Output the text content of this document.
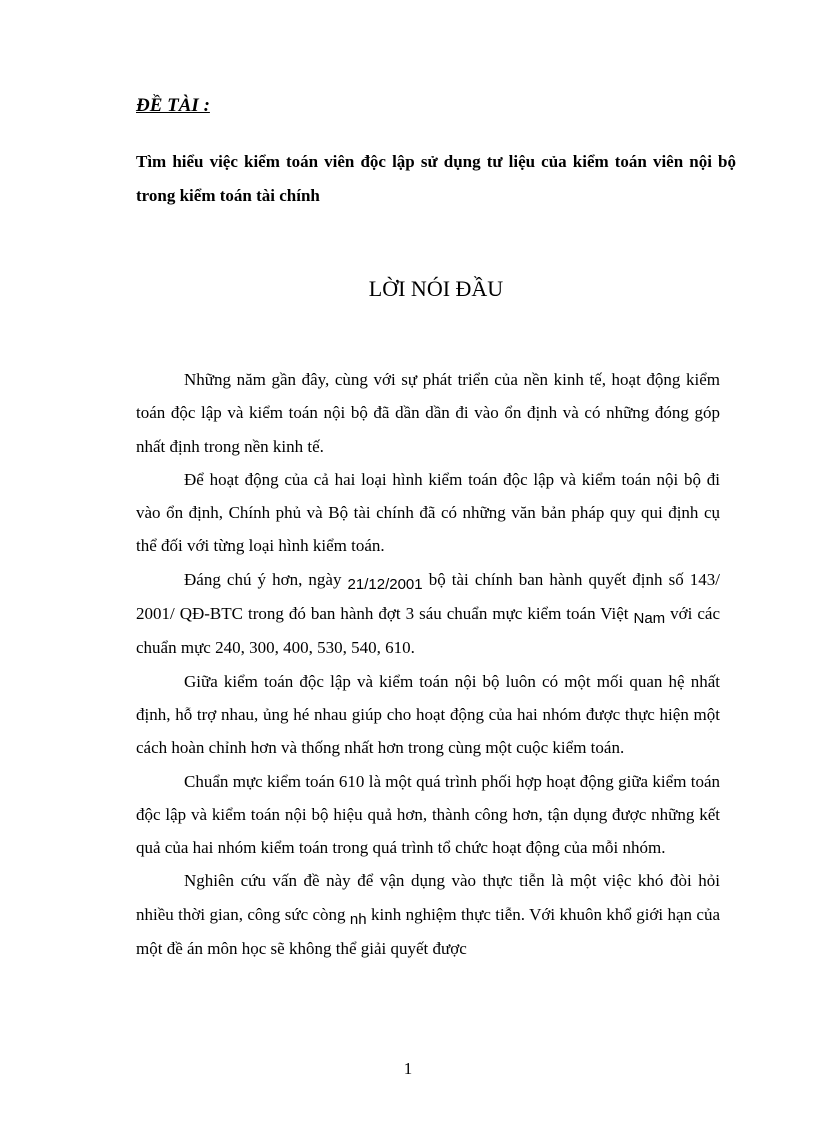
ĐỀ TÀI :

Tìm hiểu việc kiểm toán viên độc lập sử dụng tư liệu của kiểm toán viên nội bộ trong kiểm toán tài chính

LỜI NÓI ĐẦU

Những năm gần đây, cùng với sự phát triển của nền kinh tế, hoạt động kiểm toán độc lập và kiểm toán nội bộ đã dần dần đi vào ổn định và có những đóng góp nhất định trong nền kinh tế.

Để hoạt động của cả hai loại hình kiểm toán độc lập và kiểm toán nội bộ đi vào ổn định, Chính phủ và Bộ tài chính đã có những văn bản pháp quy qui định cụ thể đối với từng loại hình kiểm toán.

Đáng chú ý hơn, ngày 21/12/2001 bộ tài chính ban hành quyết định số 143/ 2001/ QĐ-BTC trong đó ban hành đợt 3 sáu chuẩn mực kiểm toán Việt Nam với các chuẩn mực 240, 300, 400, 530, 540, 610.

Giữa kiểm toán độc lập và kiểm toán nội bộ luôn có một mối quan hệ nhất định, hỗ trợ nhau, ủng hé nhau giúp cho hoạt động của hai nhóm được thực hiện một cách hoàn chỉnh hơn và thống nhất hơn trong cùng một cuộc kiểm toán.

Chuẩn mực kiểm toán 610 là một quá trình phối hợp hoạt động giữa kiểm toán độc lập và kiểm toán nội bộ hiệu quả hơn, thành công hơn, tận dụng được những kết quả của hai nhóm kiểm toán trong quá trình tổ chức hoạt động của mỗi nhóm.

Nghiên cứu vấn đề này để vận dụng vào thực tiễn là một việc khó đòi hỏi nhiều thời gian, công sức còng nh kinh nghiệm thực tiễn. Với khuôn khổ giới hạn của một đề án môn học sẽ không thể giải quyết được

1
